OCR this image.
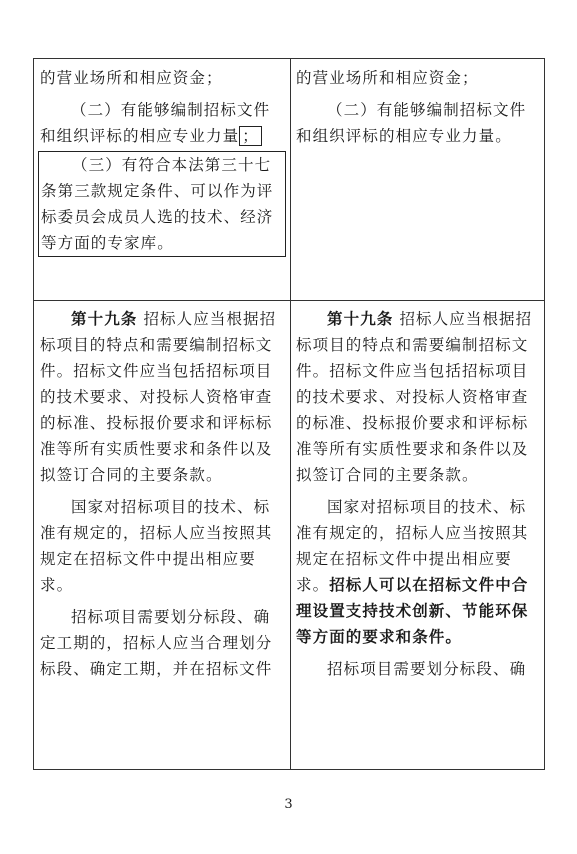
的营业场所和相应资金；

（二）有能够编制招标文件和组织评标的相应专业力量 ；

（三）有符合本法第三十七条第三款规定条件、可以作为评标委员会成员人选的技术、经济等方面的专家库。

的营业场所和相应资金；

（二）有能够编制招标文件和组织评标的相应专业力量。

第十九条 招标人应当根据招标项目的特点和需要编制招标文件。招标文件应当包括招标项目的技术要求、对投标人资格审查的标准、投标报价要求和评标标准等所有实质性要求和条件以及拟签订合同的主要条款。

国家对招标项目的技术、标准有规定的，招标人应当按照其规定在招标文件中提出相应要求。

招标项目需要划分标段、确定工期的，招标人应当合理划分标段、确定工期，并在招标文件

第十九条 招标人应当根据招标项目的特点和需要编制招标文件。招标文件应当包括招标项目的技术要求、对投标人资格审查的标准、投标报价要求和评标标准等所有实质性要求和条件以及拟签订合同的主要条款。

国家对招标项目的技术、标准有规定的，招标人应当按照其规定在招标文件中提出相应要求。招标人可以在招标文件中合理设置支持技术创新、节能环保等方面的要求和条件。

招标项目需要划分标段、确

3
